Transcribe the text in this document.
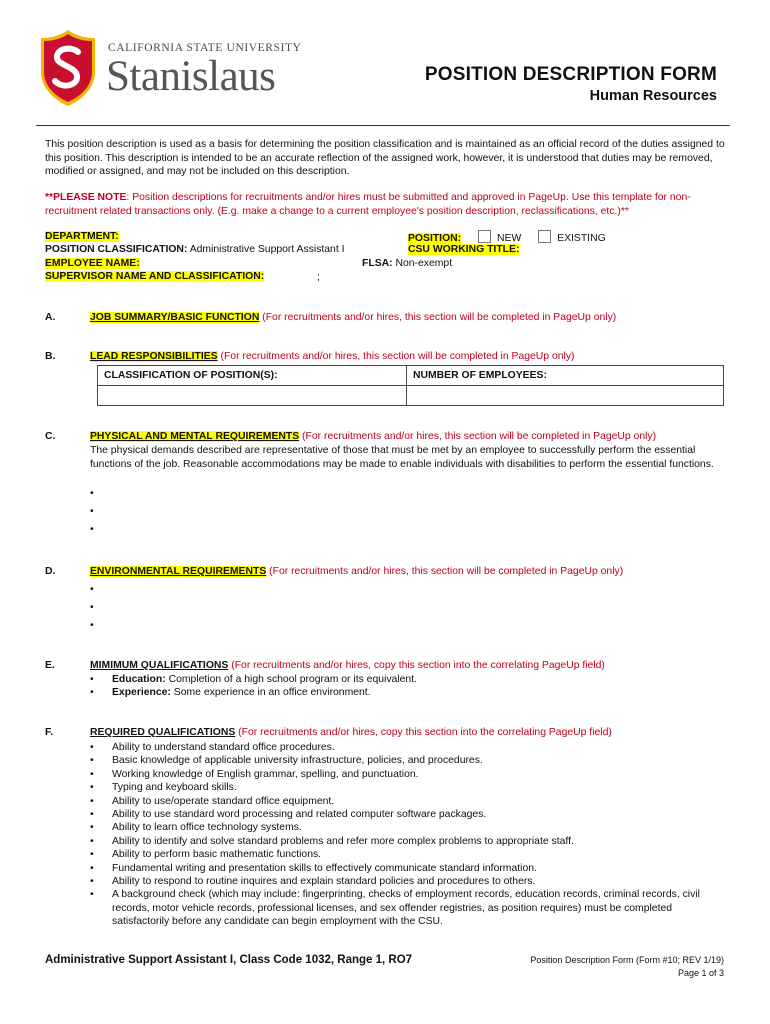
CALIFORNIA STATE UNIVERSITY
Stanislaus	POSITION DESCRIPTION FORM
Human Resources
This position description is used as a basis for determining the position classification and is maintained as an official record of the duties assigned to this position. This description is intended to be an accurate reflection of the assigned work, however, it is understood that duties may be removed, modified or assigned, and may not be included on this description.
**PLEASE NOTE: Position descriptions for recruitments and/or hires must be submitted and approved in PageUp. Use this template for non-recruitment related transactions only. (E.g. make a change to a current employee's position description, reclassifications, etc.)**
DEPARTMENT:	POSITION:	NEW	EXISTING
POSITION CLASSIFICATION: Administrative Support Assistant I	CSU WORKING TITLE:
EMPLOYEE NAME:	FLSA: Non-exempt
SUPERVISOR NAME AND CLASSIFICATION:	;
A.	JOB SUMMARY/BASIC FUNCTION (For recruitments and/or hires, this section will be completed in PageUp only)
B.	LEAD RESPONSIBILITIES (For recruitments and/or hires, this section will be completed in PageUp only)
CLASSIFICATION OF POSITION(S):	NUMBER OF EMPLOYEES:

C.	PHYSICAL AND MENTAL REQUIREMENTS (For recruitments and/or hires, this section will be completed in PageUp only)
The physical demands described are representative of those that must be met by an employee to successfully perform the essential functions of the job. Reasonable accommodations may be made to enable individuals with disabilities to perform the essential functions.
•
•
•
D.	ENVIRONMENTAL REQUIREMENTS (For recruitments and/or hires, this section will be completed in PageUp only)
•
•
•
E.	MIMIMUM QUALIFICATIONS (For recruitments and/or hires, copy this section into the correlating PageUp field)
• Education: Completion of a high school program or its equivalent.
• Experience: Some experience in an office environment.
F.	REQUIRED QUALIFICATIONS (For recruitments and/or hires, copy this section into the correlating PageUp field)
• Ability to understand standard office procedures.
• Basic knowledge of applicable university infrastructure, policies, and procedures.
• Working knowledge of English grammar, spelling, and punctuation.
• Typing and keyboard skills.
• Ability to use/operate standard office equipment.
• Ability to use standard word processing and related computer software packages.
• Ability to learn office technology systems.
• Ability to identify and solve standard problems and refer more complex problems to appropriate staff.
• Ability to perform basic mathematic functions.
• Fundamental writing and presentation skills to effectively communicate standard information.
• Ability to respond to routine inquires and explain standard policies and procedures to others.
• A background check (which may include: fingerprinting, checks of employment records, education records, criminal records, civil records, motor vehicle records, professional licenses, and sex offender registries, as position requires) must be completed satisfactorily before any candidate can begin employment with the CSU.
Administrative Support Assistant I, Class Code 1032, Range 1, RO7	Position Description Form (Form #10; REV 1/19)
Page 1 of 3
